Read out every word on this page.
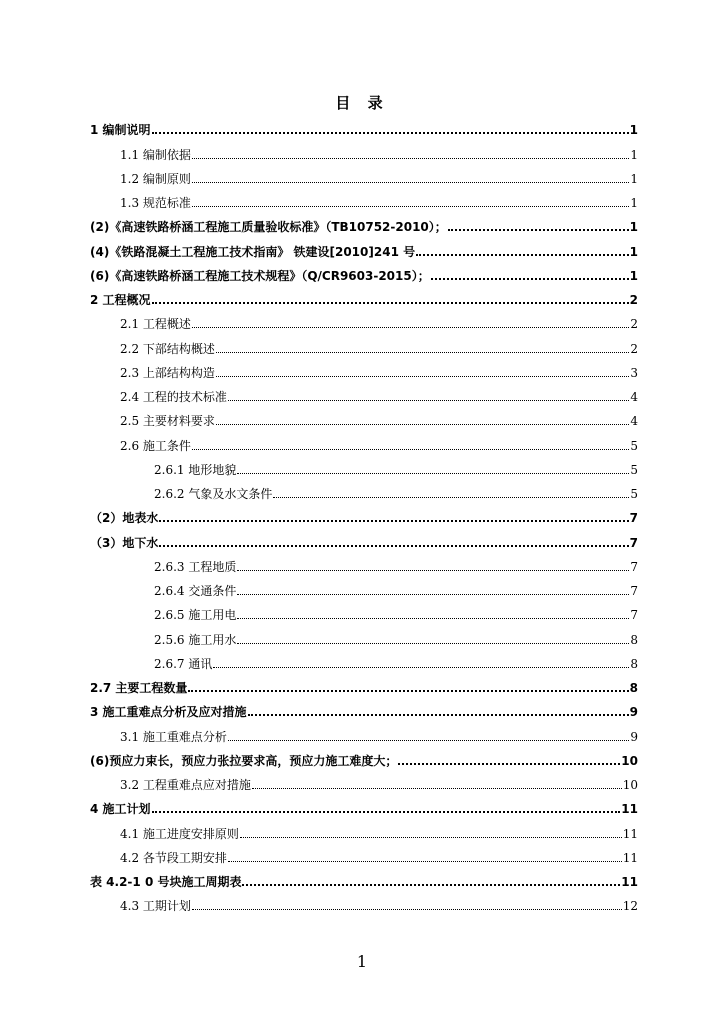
目 录
1 编制说明	1
1.1 编制依据	1
1.2 编制原则	1
1.3 规范标准	1
(2)《高速铁路桥涵工程施工质量验收标准》（TB10752-2010）；	1
(4)《铁路混凝土工程施工技术指南》 铁建设[2010]241 号	1
(6)《高速铁路桥涵工程施工技术规程》（Q/CR9603-2015）；	1
2 工程概况	2
2.1 工程概述	2
2.2 下部结构概述	2
2.3 上部结构构造	3
2.4 工程的技术标准	4
2.5 主要材料要求	4
2.6 施工条件	5
2.6.1 地形地貌	5
2.6.2 气象及水文条件	5
（2）地表水	7
（3）地下水	7
2.6.3 工程地质	7
2.6.4 交通条件	7
2.6.5 施工用电	7
2.5.6 施工用水	8
2.6.7 通讯	8
2.7 主要工程数量	8
3 施工重难点分析及应对措施	9
3.1 施工重难点分析	9
(6)预应力束长，预应力张拉要求高，预应力施工难度大；	10
3.2 工程重难点应对措施	10
4 施工计划	11
4.1 施工进度安排原则	11
4.2 各节段工期安排	11
表 4.2-1 0 号块施工周期表	11
4.3 工期计划	12
1
